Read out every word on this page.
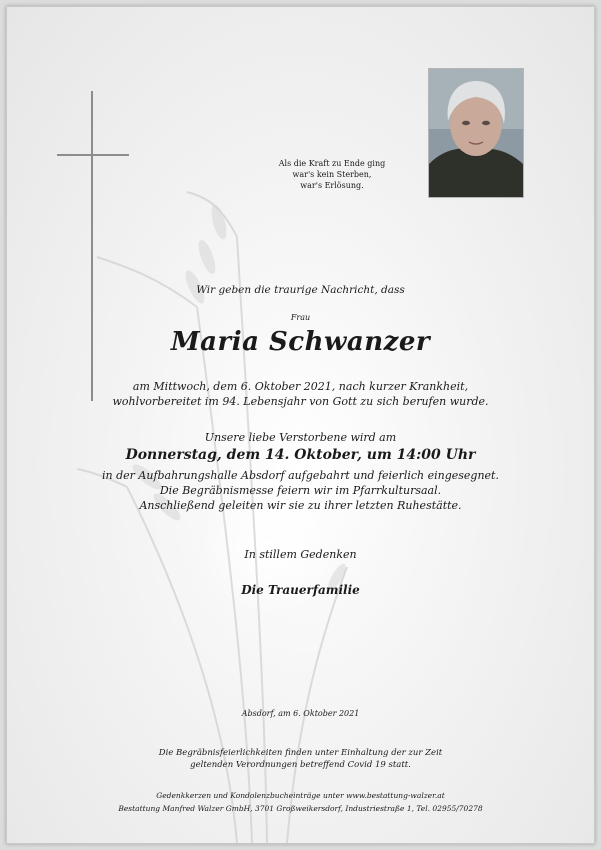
Als die Kraft zu Ende ging
war's kein Sterben,
war's Erlösung.
Wir geben die traurige Nachricht, dass
Frau
Maria Schwanzer
am Mittwoch, dem 6. Oktober 2021, nach kurzer Krankheit,
wohlvorbereitet im 94. Lebensjahr von Gott zu sich berufen wurde.
Unsere liebe Verstorbene wird am
Donnerstag, dem 14. Oktober, um 14:00 Uhr
in der Aufbahrungshalle Absdorf aufgebahrt und feierlich eingesegnet.
Die Begräbnismesse feiern wir im Pfarrkultursaal.
Anschließend geleiten wir sie zu ihrer letzten Ruhestätte.
In stillem Gedenken
Die Trauerfamilie
Absdorf, am 6. Oktober 2021
Die Begräbnisfeierlichkeiten finden unter Einhaltung der zur Zeit
geltenden Verordnungen betreffend Covid 19 statt.
Gedenkkerzen und Kondolenzbucheinträge unter www.bestattung-walzer.at
Bestattung Manfred Walzer GmbH, 3701 Großweikersdorf, Industriestraße 1, Tel. 02955/70278
